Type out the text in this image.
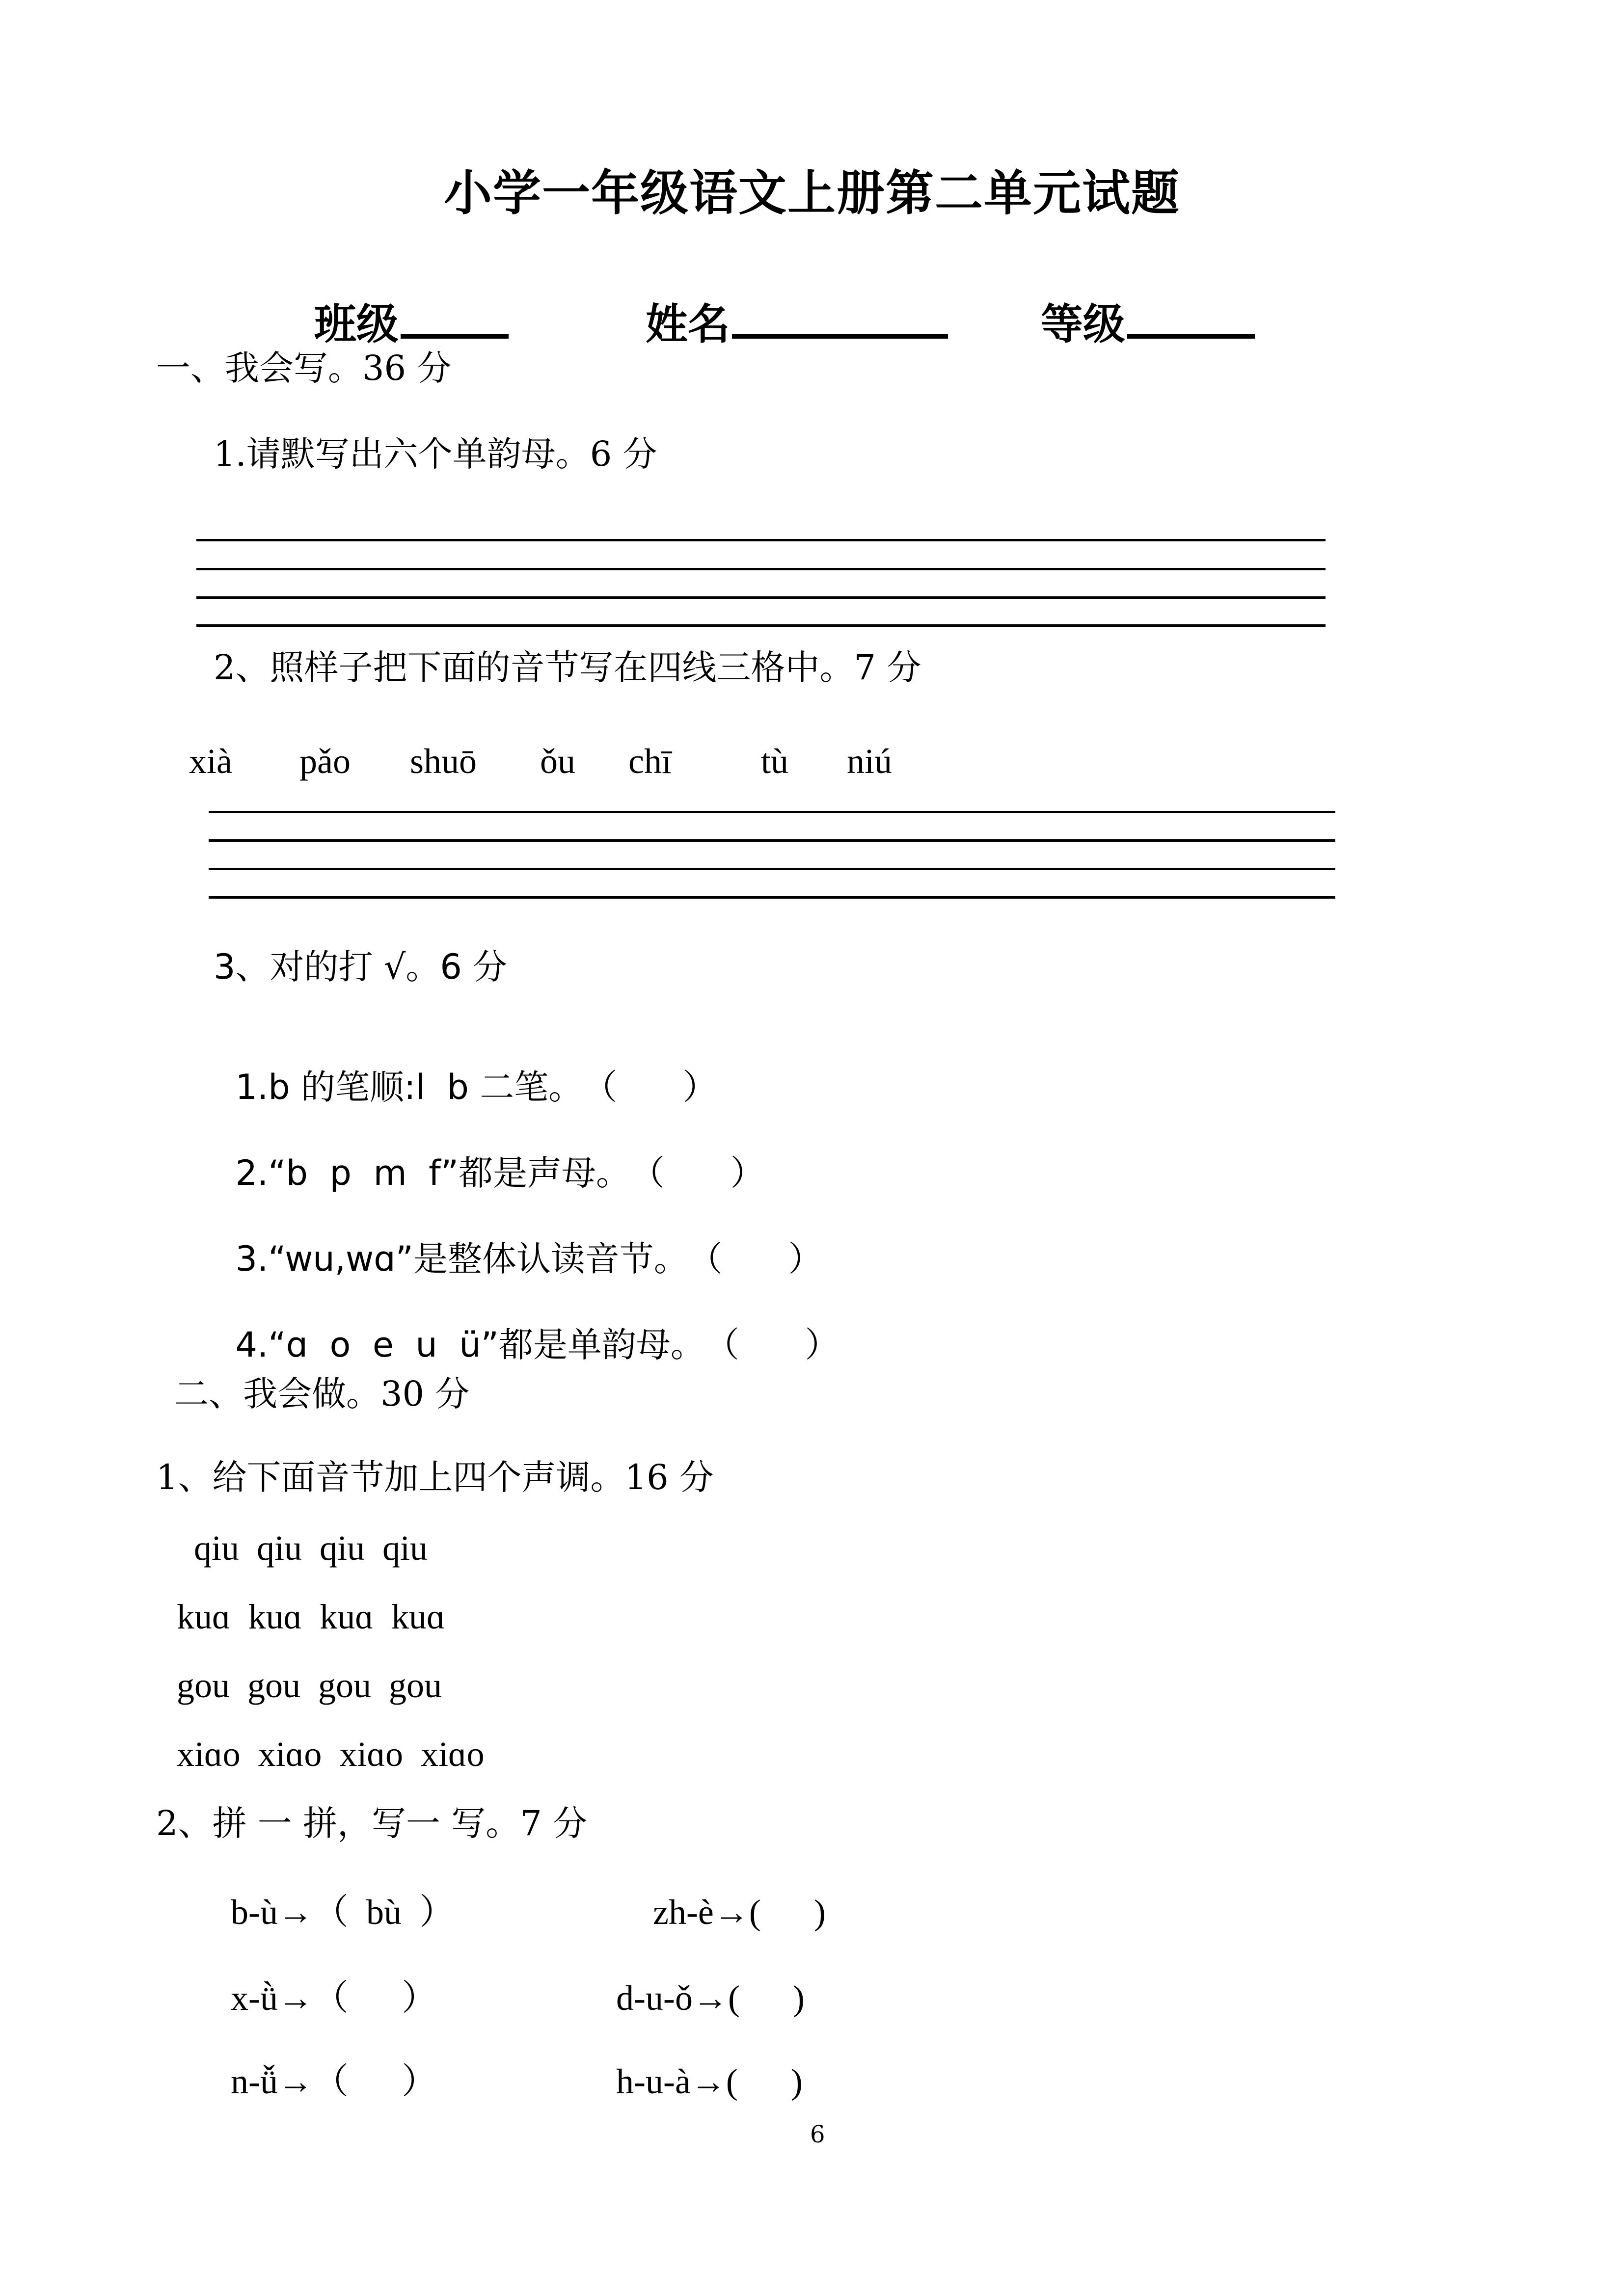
小学一年级语文上册第二单元试题

班级	姓名	等级

一、我会写。36 分
1.请默写出六个单韵母。6 分
2、照样子把下面的音节写在四线三格中。7 分
xià pǎo shuō ǒu chī	tù niú
3、对的打 √。6 分

1.b 的笔顺:l  b 二笔。（      ）

2.“b  p  m  f”都是声母。（      ）

3.“wu,wɑ”是整体认读音节。（      ）

4.“ɑ  o  e  u  ü”都是单韵母。（      ）

二、我会做。30 分
1、给下面音节加上四个声调。16 分
qiu  qiu  qiu  qiu
kuɑ  kuɑ  kuɑ  kuɑ
gou  gou  gou  gou
xiɑo  xiɑo  xiɑo  xiɑo
2、拼 一 拼，写一 写。7 分
b-ù→（  bù  ）	zh-è→(      )
x-ǜ→（      ）	d-u-ǒ→(      )
n-ǚ→（      ）	h-u-à→(      )
6
